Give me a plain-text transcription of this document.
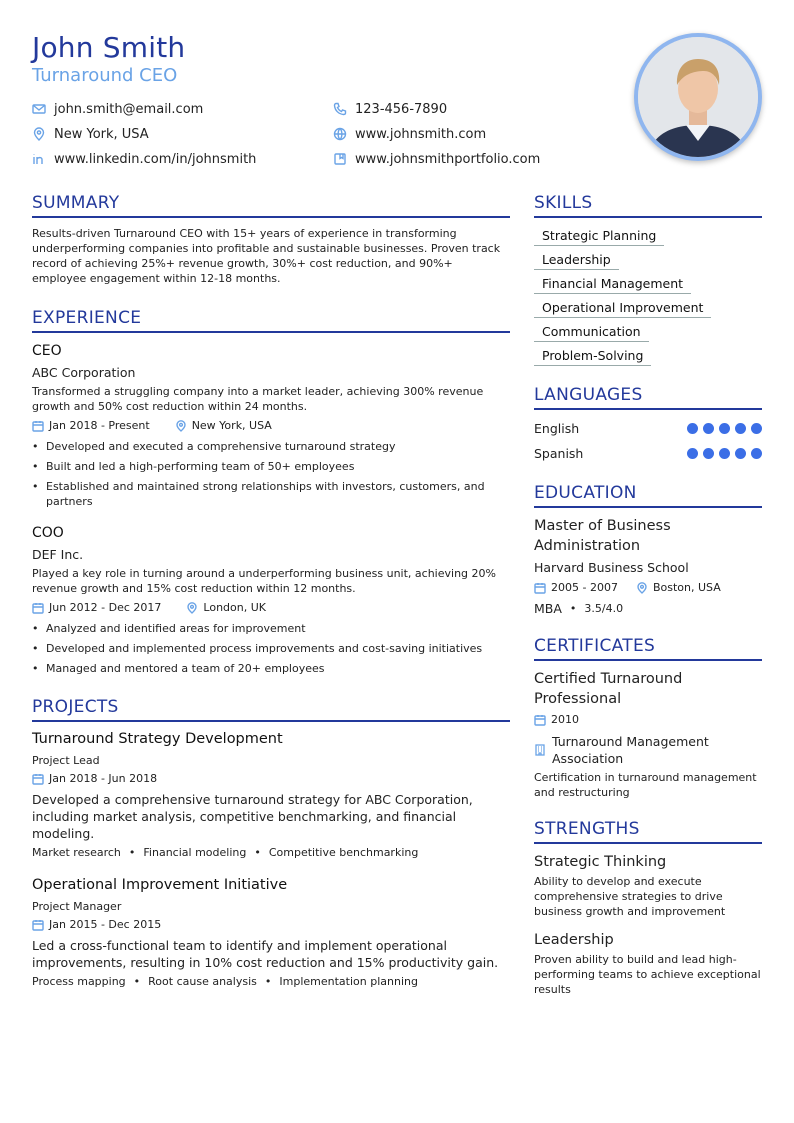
John Smith
Turnaround CEO
john.smith@email.com	123-456-7890
New York, USA	www.johnsmith.com
www.linkedin.com/in/johnsmith	www.johnsmithportfolio.com
SUMMARY

Results-driven Turnaround CEO with 15+ years of experience in transforming underperforming companies into profitable and sustainable businesses. Proven track record of achieving 25%+ revenue growth, 30%+ cost reduction, and 90%+ employee engagement within 12-18 months.

EXPERIENCE
CEO
ABC Corporation

Transformed a struggling company into a market leader, achieving 300% revenue growth and 50% cost reduction within 24 months.

Jan 2018 - Present	New York, USA
• Developed and executed a comprehensive turnaround strategy
• Built and led a high-performing team of 50+ employees
• Established and maintained strong relationships with investors, customers, and partners
COO
DEF Inc.

Played a key role in turning around a underperforming business unit, achieving 20% revenue growth and 15% cost reduction within 12 months.

Jun 2012 - Dec 2017	London, UK
• Analyzed and identified areas for improvement
• Developed and implemented process improvements and cost-saving initiatives
• Managed and mentored a team of 20+ employees
PROJECTS
Turnaround Strategy Development
Project Lead
Jan 2018 - Jun 2018

Developed a comprehensive turnaround strategy for ABC Corporation, including market analysis, competitive benchmarking, and financial modeling.

Market research • Financial modeling • Competitive benchmarking
Operational Improvement Initiative
Project Manager
Jan 2015 - Dec 2015

Led a cross-functional team to identify and implement operational improvements, resulting in 10% cost reduction and 15% productivity gain.

Process mapping • Root cause analysis • Implementation planning
SKILLS
Strategic Planning
Leadership
Financial Management
Operational Improvement
Communication
Problem-Solving
LANGUAGES
English
Spanish
EDUCATION
Master of Business Administration
Harvard Business School
2005 - 2007	Boston, USA
MBA • 3.5/4.0
CERTIFICATES
Certified Turnaround Professional
2010
Turnaround Management Association

Certification in turnaround management and restructuring

STRENGTHS
Strategic Thinking

Ability to develop and execute comprehensive strategies to drive business growth and improvement

Leadership

Proven ability to build and lead high-performing teams to achieve exceptional results
